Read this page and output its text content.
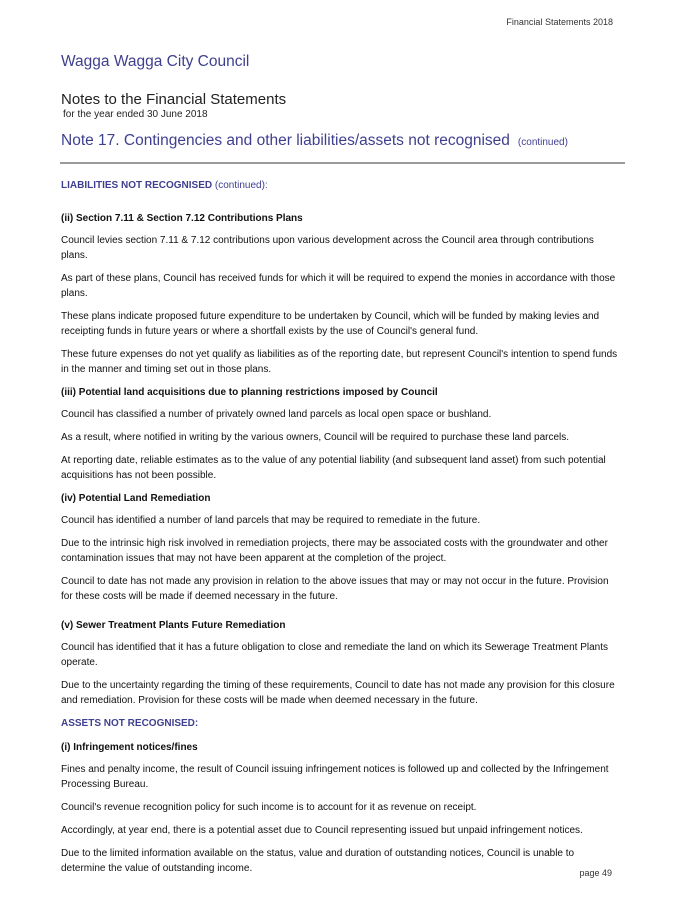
Financial Statements 2018
Wagga Wagga City Council
Notes to the Financial Statements
for the year ended 30 June 2018
Note 17. Contingencies and other liabilities/assets not recognised (continued)
LIABILITIES NOT RECOGNISED (continued):
(ii) Section 7.11 & Section 7.12 Contributions Plans

Council levies section 7.11 & 7.12 contributions upon various development across the Council area through contributions plans.

As part of these plans, Council has received funds for which it will be required to expend the monies in accordance with those plans.

These plans indicate proposed future expenditure to be undertaken by Council, which will be funded by making levies and receipting funds in future years or where a shortfall exists by the use of Council's general fund.

These future expenses do not yet qualify as liabilities as of the reporting date, but represent Council's intention to spend funds in the manner and timing set out in those plans.

(iii) Potential land acquisitions due to planning restrictions imposed by Council

Council has classified a number of privately owned land parcels as local open space or bushland.

As a result, where notified in writing by the various owners, Council will be required to purchase these land parcels.

At reporting date, reliable estimates as to the value of any potential liability (and subsequent land asset) from such potential acquisitions has not been possible.

(iv) Potential Land Remediation

Council has identified a number of land parcels that may be required to remediate in the future.

Due to the intrinsic high risk involved in remediation projects, there may be associated costs with the groundwater and other contamination issues that may not have been apparent at the completion of the project.

Council to date has not made any provision in relation to the above issues that may or may not occur in the future. Provision for these costs will be made if deemed necessary in the future.

(v) Sewer Treatment Plants Future Remediation

Council has identified that it has a future obligation to close and remediate the land on which its Sewerage Treatment Plants operate.

Due to the uncertainty regarding the timing of these requirements, Council to date has not made any provision for this closure and remediation. Provision for these costs will be made when deemed necessary in the future.

ASSETS NOT RECOGNISED:
(i) Infringement notices/fines

Fines and penalty income, the result of Council issuing infringement notices is followed up and collected by the Infringement Processing Bureau.

Council's revenue recognition policy for such income is to account for it as revenue on receipt.

Accordingly, at year end, there is a potential asset due to Council representing issued but unpaid infringement notices.

Due to the limited information available on the status, value and duration of outstanding notices, Council is unable to determine the value of outstanding income.	page 49
